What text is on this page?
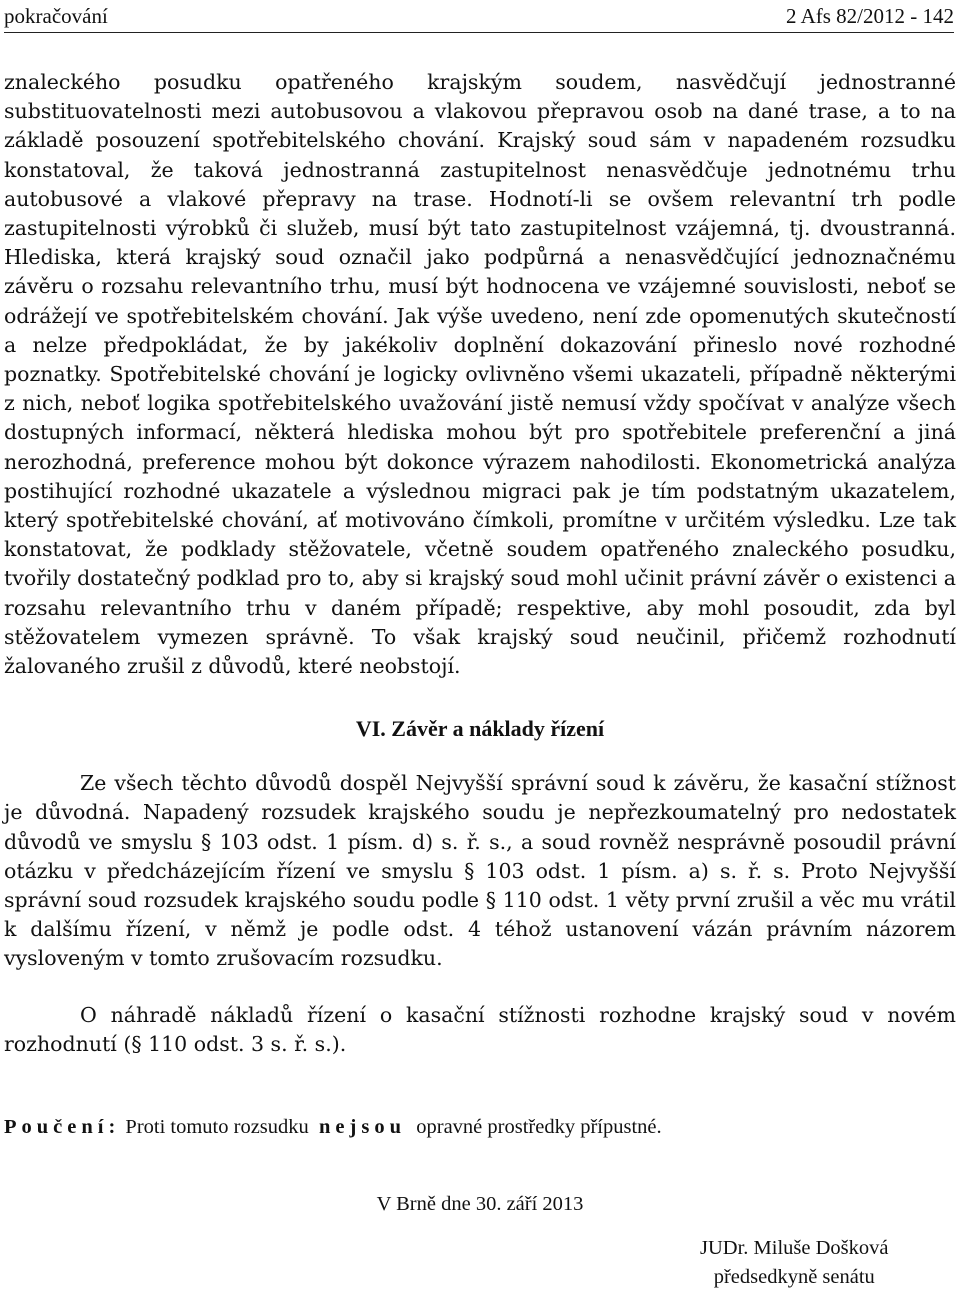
pokračování	2 Afs 82/2012 - 142

znaleckého posudku opatřeného krajským soudem, nasvědčují jednostranné substituovatelnosti mezi autobusovou a vlakovou přepravou osob na dané trase, a to na základě posouzení spotřebitelského chování. Krajský soud sám v napadeném rozsudku konstatoval, že taková jednostranná zastupitelnost nenasvědčuje jednotnému trhu autobusové a vlakové přepravy na trase. Hodnotí-li se ovšem relevantní trh podle zastupitelnosti výrobků či služeb, musí být tato zastupitelnost vzájemná, tj. dvoustranná. Hlediska, která krajský soud označil jako podpůrná a nenasvědčující jednoznačnému závěru o rozsahu relevantního trhu, musí být hodnocena ve vzájemné souvislosti, neboť se odrážejí ve spotřebitelském chování. Jak výše uvedeno, není zde opomenutých skutečností a nelze předpokládat, že by jakékoliv doplnění dokazování přineslo nové rozhodné poznatky. Spotřebitelské chování je logicky ovlivněno všemi ukazateli, případně některými z nich, neboť logika spotřebitelského uvažování jistě nemusí vždy spočívat v analýze všech dostupných informací, některá hlediska mohou být pro spotřebitele preferenční a jiná nerozhodná, preference mohou být dokonce výrazem nahodilosti. Ekonometrická analýza postihující rozhodné ukazatele a výslednou migraci pak je tím podstatným ukazatelem, který spotřebitelské chování, ať motivováno čímkoli, promítne v určitém výsledku. Lze tak konstatovat, že podklady stěžovatele, včetně soudem opatřeného znaleckého posudku, tvořily dostatečný podklad pro to, aby si krajský soud mohl učinit právní závěr o existenci a rozsahu relevantního trhu v daném případě; respektive, aby mohl posoudit, zda byl stěžovatelem vymezen správně. To však krajský soud neučinil, přičemž rozhodnutí žalovaného zrušil z důvodů, které neobstojí.

VI. Závěr a náklady řízení

Ze všech těchto důvodů dospěl Nejvyšší správní soud k závěru, že kasační stížnost je důvodná. Napadený rozsudek krajského soudu je nepřezkoumatelný pro nedostatek důvodů ve smyslu § 103 odst. 1 písm. d) s. ř. s., a soud rovněž nesprávně posoudil právní otázku v předcházejícím řízení ve smyslu § 103 odst. 1 písm. a) s. ř. s. Proto Nejvyšší správní soud rozsudek krajského soudu podle § 110 odst. 1 věty první zrušil a věc mu vrátil k dalšímu řízení, v němž je podle odst. 4 téhož ustanovení vázán právním názorem vysloveným v tomto zrušovacím rozsudku.

O náhradě nákladů řízení o kasační stížnosti rozhodne krajský soud v novém rozhodnutí (§ 110 odst. 3 s. ř. s.).

Poučení: Proti tomuto rozsudku nejsou opravné prostředky přípustné.

V Brně dne 30. září 2013
JUDr. Miluše Došková
předsedkyně senátu
